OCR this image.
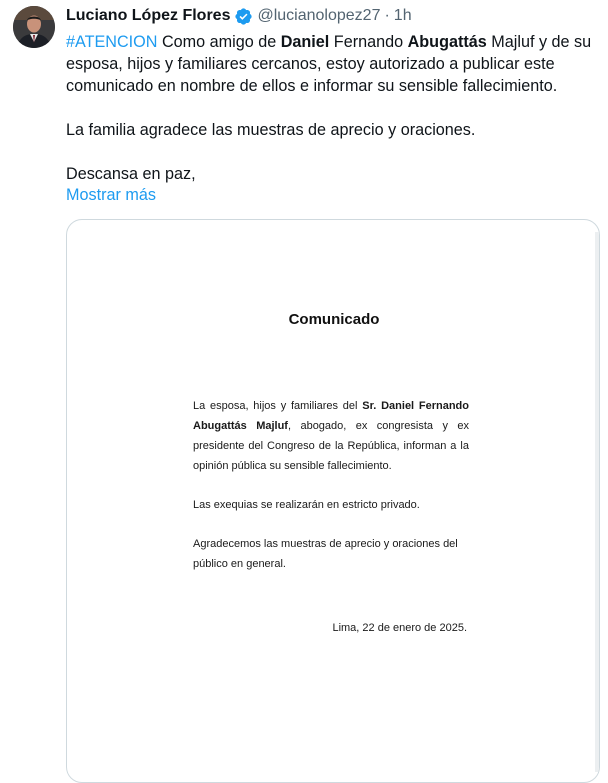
Luciano López Flores @lucianolopez27 · 1h

#ATENCION Como amigo de Daniel Fernando Abugattás Majluf y de su esposa, hijos y familiares cercanos, estoy autorizado a publicar este comunicado en nombre de ellos e informar su sensible fallecimiento.

La familia agradece las muestras de aprecio y oraciones.

Descansa en paz,

Mostrar más
Comunicado

La esposa, hijos y familiares del Sr. Daniel Fernando Abugattás Majluf, abogado, ex congresista y ex presidente del Congreso de la República, informan a la opinión pública su sensible fallecimiento.

Las exequias se realizarán en estricto privado.

Agradecemos las muestras de aprecio y oraciones del público en general.

Lima, 22 de enero de 2025.
